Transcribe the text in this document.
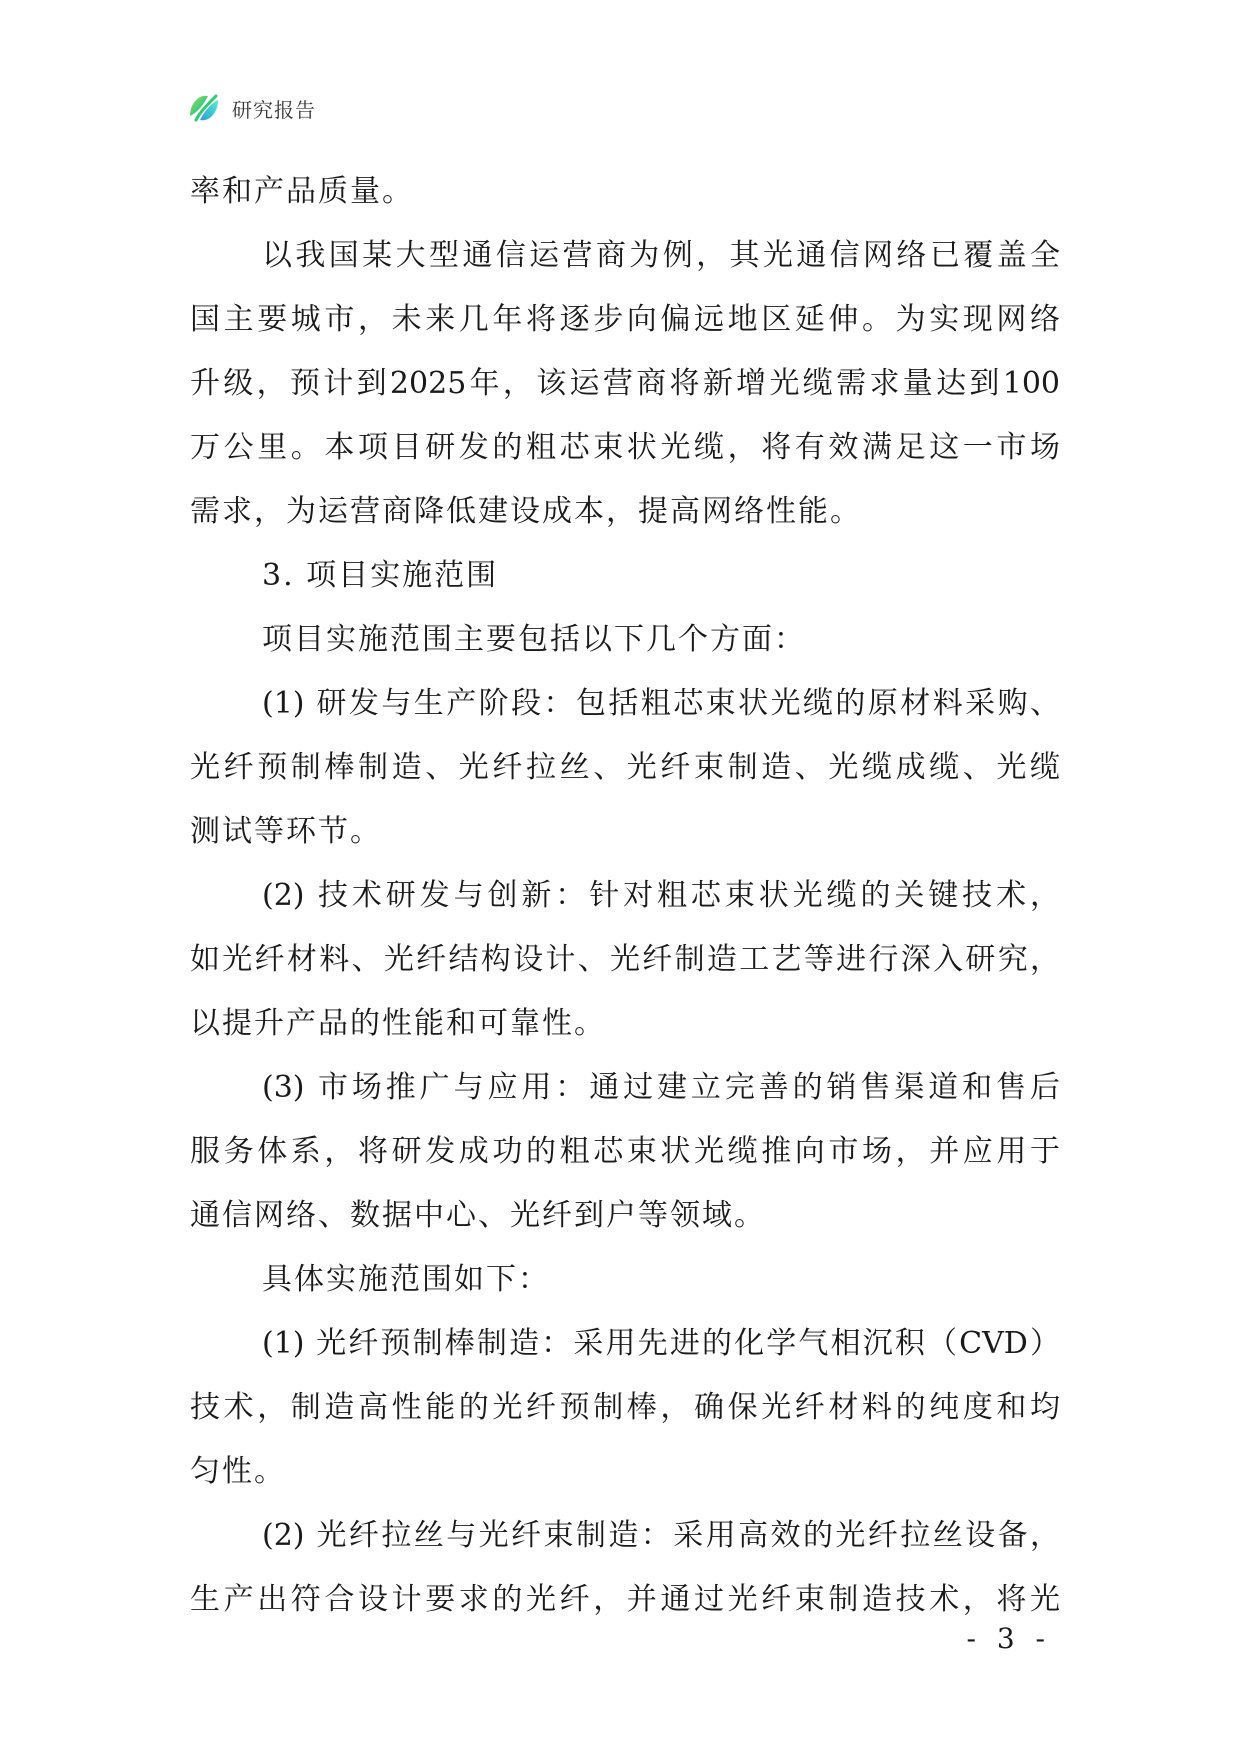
研究报告
率和产品质量。
以我国某大型通信运营商为例，其光通信网络已覆盖全
国主要城市，未来几年将逐步向偏远地区延伸。为实现网络
升级，预计到2025年，该运营商将新增光缆需求量达到100
万公里。本项目研发的粗芯束状光缆，将有效满足这一市场
需求，为运营商降低建设成本，提高网络性能。
3. 项目实施范围
项目实施范围主要包括以下几个方面：
(1) 研发与生产阶段：包括粗芯束状光缆的原材料采购、
光纤预制棒制造、光纤拉丝、光纤束制造、光缆成缆、光缆
测试等环节。
(2) 技术研发与创新：针对粗芯束状光缆的关键技术，
如光纤材料、光纤结构设计、光纤制造工艺等进行深入研究，
以提升产品的性能和可靠性。
(3) 市场推广与应用：通过建立完善的销售渠道和售后
服务体系，将研发成功的粗芯束状光缆推向市场，并应用于
通信网络、数据中心、光纤到户等领域。
具体实施范围如下：
(1) 光纤预制棒制造：采用先进的化学气相沉积（CVD）
技术，制造高性能的光纤预制棒，确保光纤材料的纯度和均
匀性。
(2) 光纤拉丝与光纤束制造：采用高效的光纤拉丝设备，
生产出符合设计要求的光纤，并通过光纤束制造技术，将光
- 3 -
